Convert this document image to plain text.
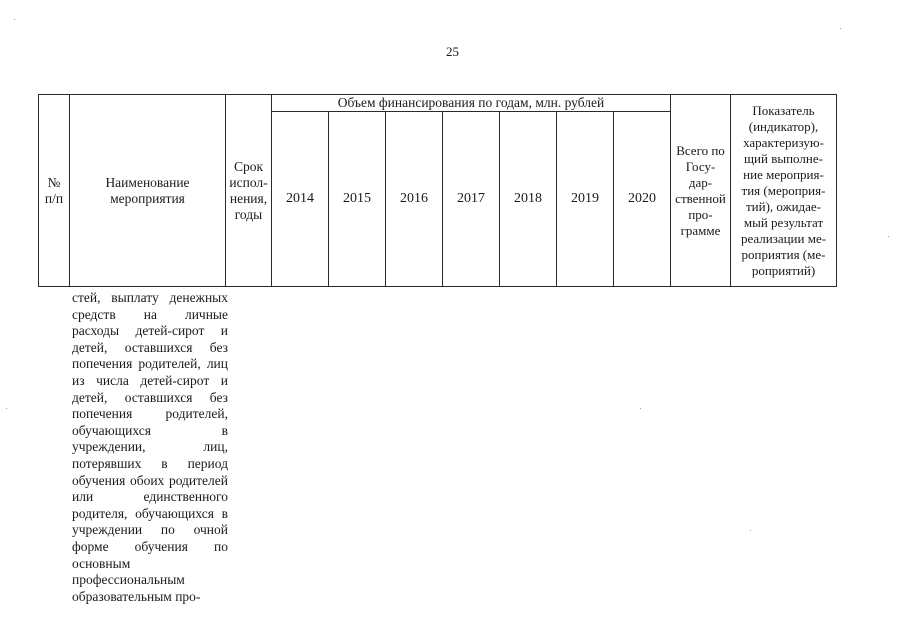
25
№ п/п	Наименование мероприятия	Срок испол- нения, годы	Объем финансирования по годам, млн. рублей							Всего по Госу- дар- ственной про- грамме	Показатель (индикатор), характеризую- щий выполне- ние мероприя- тия (мероприя- тий), ожидае- мый результат реализации ме- роприятия (ме- роприятий)
			2014	2015	2016	2017	2018	2019	2020		
стей, выплату денежных средств на личные расходы детей-сирот и детей, оставшихся без попечения родителей, лиц из числа детей-сирот и детей, оставшихся без попечения родителей, обучающихся в учреждении, лиц, потерявших в период обучения обоих родителей или единственного родителя, обучающихся в учреждении по очной форме обучения по основным профессиональным образовательным про-
